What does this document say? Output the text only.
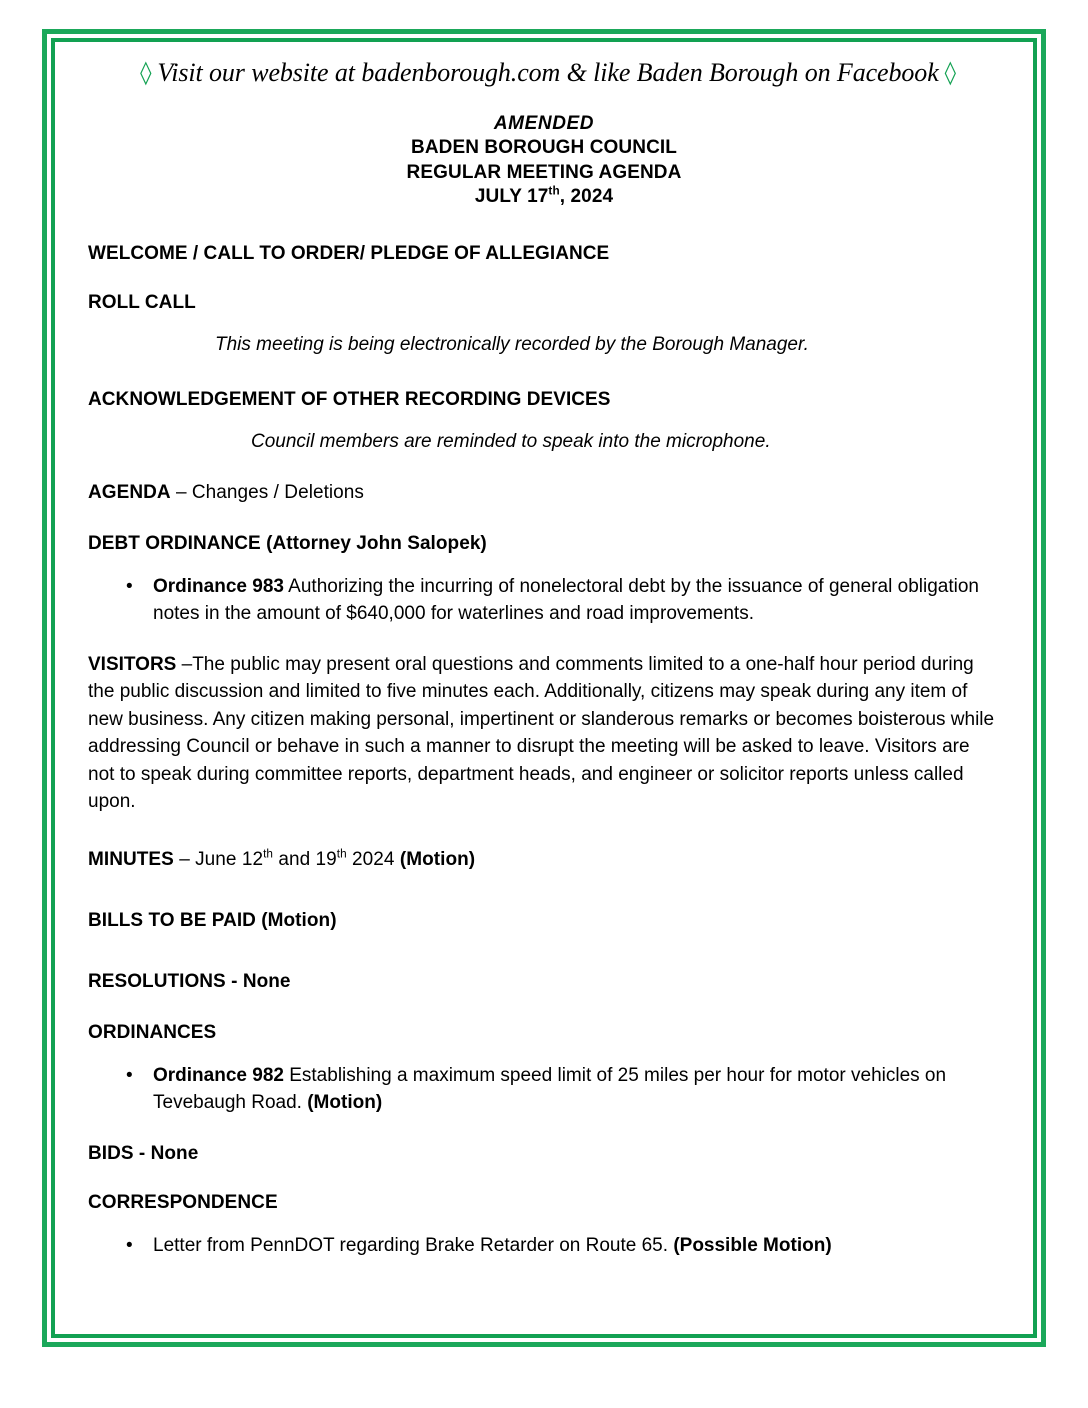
◊ Visit our website at badenborough.com & like Baden Borough on Facebook ◊
AMENDED
BADEN BOROUGH COUNCIL
REGULAR MEETING AGENDA
JULY 17th, 2024
WELCOME / CALL TO ORDER/ PLEDGE OF ALLEGIANCE
ROLL CALL
This meeting is being electronically recorded by the Borough Manager.
ACKNOWLEDGEMENT OF OTHER RECORDING DEVICES
Council members are reminded to speak into the microphone.
AGENDA – Changes / Deletions
DEBT ORDINANCE (Attorney John Salopek)
• Ordinance 983 Authorizing the incurring of nonelectoral debt by the issuance of general obligation notes in the amount of $640,000 for waterlines and road improvements.
VISITORS –The public may present oral questions and comments limited to a one-half hour period during the public discussion and limited to five minutes each. Additionally, citizens may speak during any item of new business. Any citizen making personal, impertinent or slanderous remarks or becomes boisterous while addressing Council or behave in such a manner to disrupt the meeting will be asked to leave. Visitors are not to speak during committee reports, department heads, and engineer or solicitor reports unless called upon.
MINUTES – June 12th and 19th 2024 (Motion)
BILLS TO BE PAID (Motion)
RESOLUTIONS - None
ORDINANCES
• Ordinance 982 Establishing a maximum speed limit of 25 miles per hour for motor vehicles on Tevebaugh Road. (Motion)
BIDS - None
CORRESPONDENCE
• Letter from PennDOT regarding Brake Retarder on Route 65. (Possible Motion)
